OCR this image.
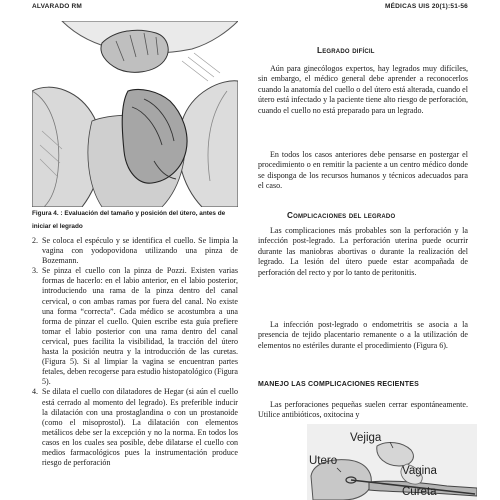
ALVARADO RM	MÉDICAS UIS 20(1):51-56
Figura 4. : Evaluación del tamaño y posición del útero, antes de iniciar el legrado
2. Se coloca el espéculo y se identifica el cuello. Se limpia la vagina con yodopovidona utilizando una pinza de Bozemann.
3. Se pinza el cuello con la pinza de Pozzi. Existen varias formas de hacerlo: en el labio anterior, en el labio posterior, introduciendo una rama de la pinza dentro del canal cervical, o con ambas ramas por fuera del canal. No existe una forma “correcta”. Cada médico se acostumbra a una forma de pinzar el cuello. Quien escribe esta guía prefiere tomar el labio posterior con una rama dentro del canal cervical, pues facilita la visibilidad, la tracción del útero hasta la posición neutra y la introducción de las curetas. (Figura 5). Si al limpiar la vagina se encuentran partes fetales, deben recogerse para estudio histopatológico (Figura 5).
4. Se dilata el cuello con dilatadores de Hegar (si aún el cuello está cerrado al momento del legrado). Es preferible inducir la dilatación con una prostaglandina o con un prostanoide (como el misoprostol). La dilatación con elementos metálicos debe ser la excepción y no la norma. En todos los casos en los cuales sea posible, debe dilatarse el cuello con medios farmacológicos pues la instrumentación produce riesgo de perforación
Legrado difícil

Aún para ginecólogos expertos, hay legrados muy difíciles, sin embargo, el médico general debe aprender a reconocerlos cuando la anatomía del cuello o del útero está alterada, cuando el útero está infectado y la paciente tiene alto riesgo de perforación, cuando el cuello no está preparado para un legrado.

En todos los casos anteriores debe pensarse en postergar el procedimiento o en remitir la paciente a un centro médico donde se disponga de los recursos humanos y técnicos adecuados para el caso.

Complicaciones del legrado

Las complicaciones más probables son la perforación y la infección post-legrado. La perforación uterina puede ocurrir durante las maniobras abortivas o durante la realización del legrado. La lesión del útero puede estar acompañada de perforación del recto y por lo tanto de peritonitis.

La infección post-legrado o endometritis se asocia a la presencia de tejido placentario remanente o a la utilización de elementos no estériles durante el procedimiento (Figura 6).

MANEJO LAS COMPLICACIONES RECIENTES

Las perforaciones pequeñas suelen cerrar espontáneamente. Utilice antibióticos, oxitocina y

Vejiga
Utero
Vagina
Cureta
